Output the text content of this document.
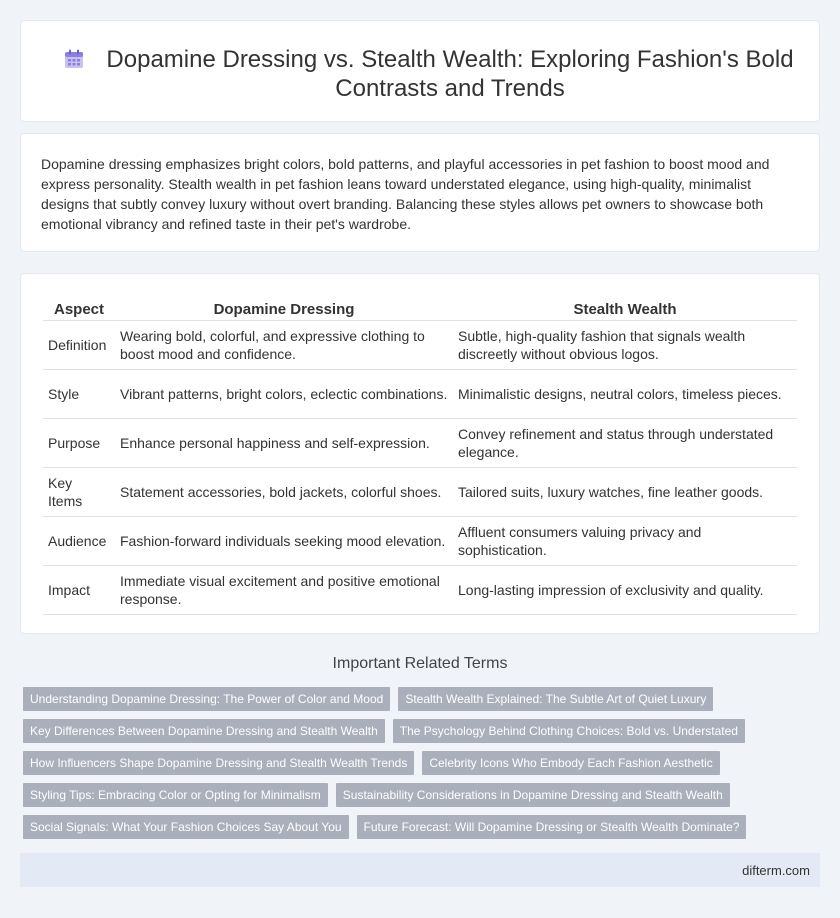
Dopamine Dressing vs. Stealth Wealth: Exploring Fashion's Bold Contrasts and Trends

Dopamine dressing emphasizes bright colors, bold patterns, and playful accessories in pet fashion to boost mood and express personality. Stealth wealth in pet fashion leans toward understated elegance, using high-quality, minimalist designs that subtly convey luxury without overt branding. Balancing these styles allows pet owners to showcase both emotional vibrancy and refined taste in their pet's wardrobe.

Aspect	Dopamine Dressing	Stealth Wealth
Definition	Wearing bold, colorful, and expressive clothing to boost mood and confidence.	Subtle, high-quality fashion that signals wealth discreetly without obvious logos.
Style	Vibrant patterns, bright colors, eclectic combinations.	Minimalistic designs, neutral colors, timeless pieces.
Purpose	Enhance personal happiness and self-expression.	Convey refinement and status through understated elegance.
Key Items	Statement accessories, bold jackets, colorful shoes.	Tailored suits, luxury watches, fine leather goods.
Audience	Fashion-forward individuals seeking mood elevation.	Affluent consumers valuing privacy and sophistication.
Impact	Immediate visual excitement and positive emotional response.	Long-lasting impression of exclusivity and quality.
Important Related Terms
Understanding Dopamine Dressing: The Power of Color and Mood Stealth Wealth Explained: The Subtle Art of Quiet Luxury
Key Differences Between Dopamine Dressing and Stealth Wealth The Psychology Behind Clothing Choices: Bold vs. Understated
How Influencers Shape Dopamine Dressing and Stealth Wealth Trends Celebrity Icons Who Embody Each Fashion Aesthetic
Styling Tips: Embracing Color or Opting for Minimalism Sustainability Considerations in Dopamine Dressing and Stealth Wealth
Social Signals: What Your Fashion Choices Say About You Future Forecast: Will Dopamine Dressing or Stealth Wealth Dominate?
difterm.com
